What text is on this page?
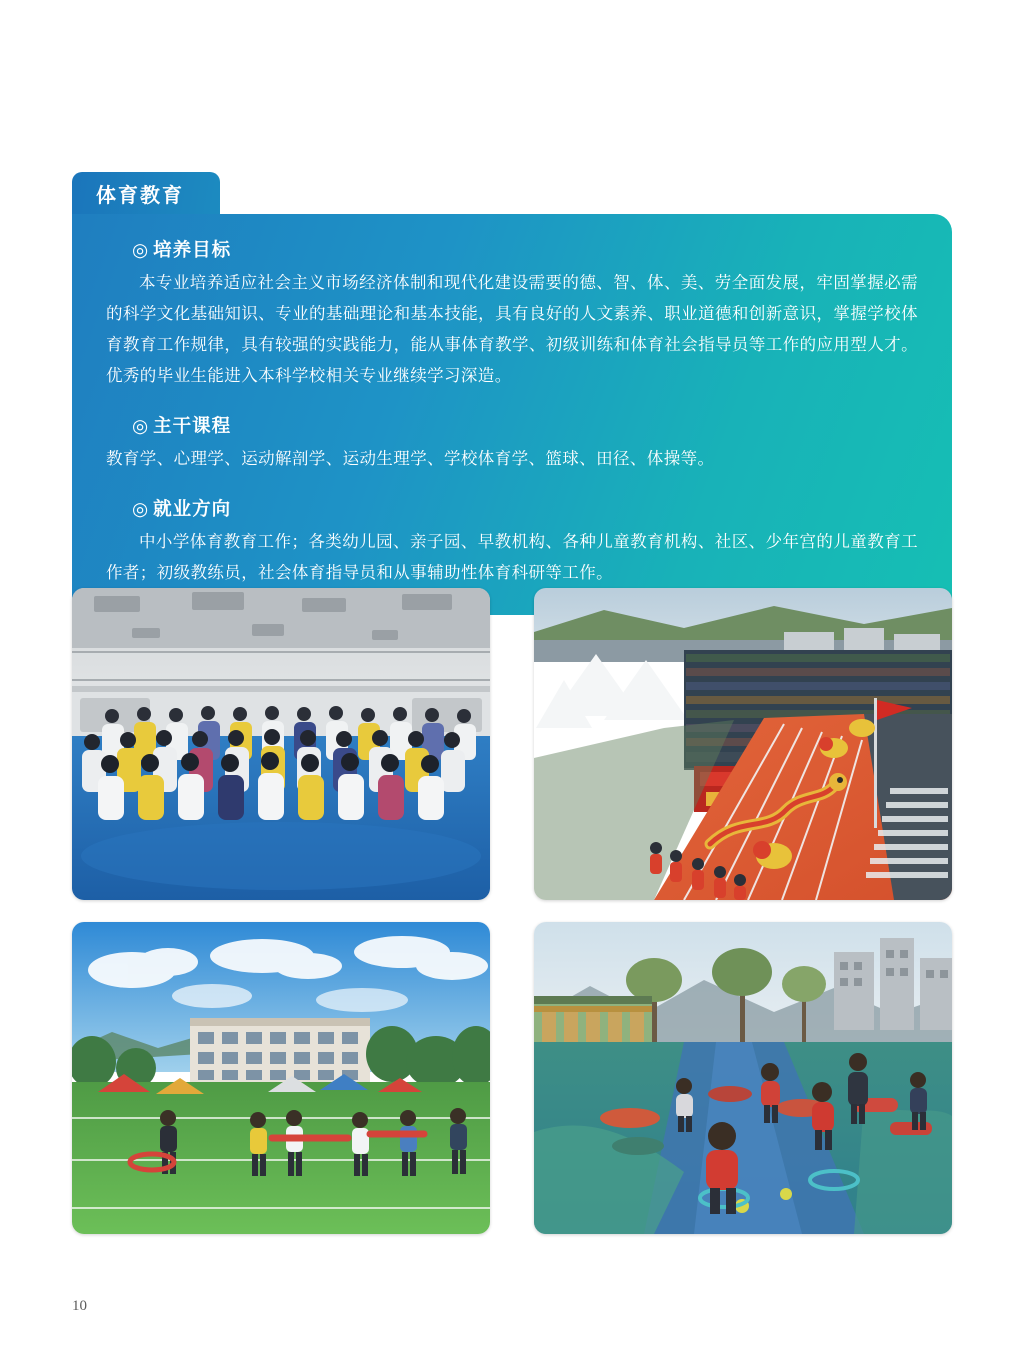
体育教育
◎ 培养目标

本专业培养适应社会主义市场经济体制和现代化建设需要的德、智、体、美、劳全面发展，牢固掌握必需的科学文化基础知识、专业的基础理论和基本技能，具有良好的人文素养、职业道德和创新意识，掌握学校体育教育工作规律，具有较强的实践能力，能从事体育教学、初级训练和体育社会指导员等工作的应用型人才。优秀的毕业生能进入本科学校相关专业继续学习深造。

◎ 主干课程

教育学、心理学、运动解剖学、运动生理学、学校体育学、篮球、田径、体操等。

◎ 就业方向

中小学体育教育工作；各类幼儿园、亲子园、早教机构、各种儿童教育机构、社区、少年宫的儿童教育工作者；初级教练员，社会体育指导员和从事辅助性体育科研等工作。

10
